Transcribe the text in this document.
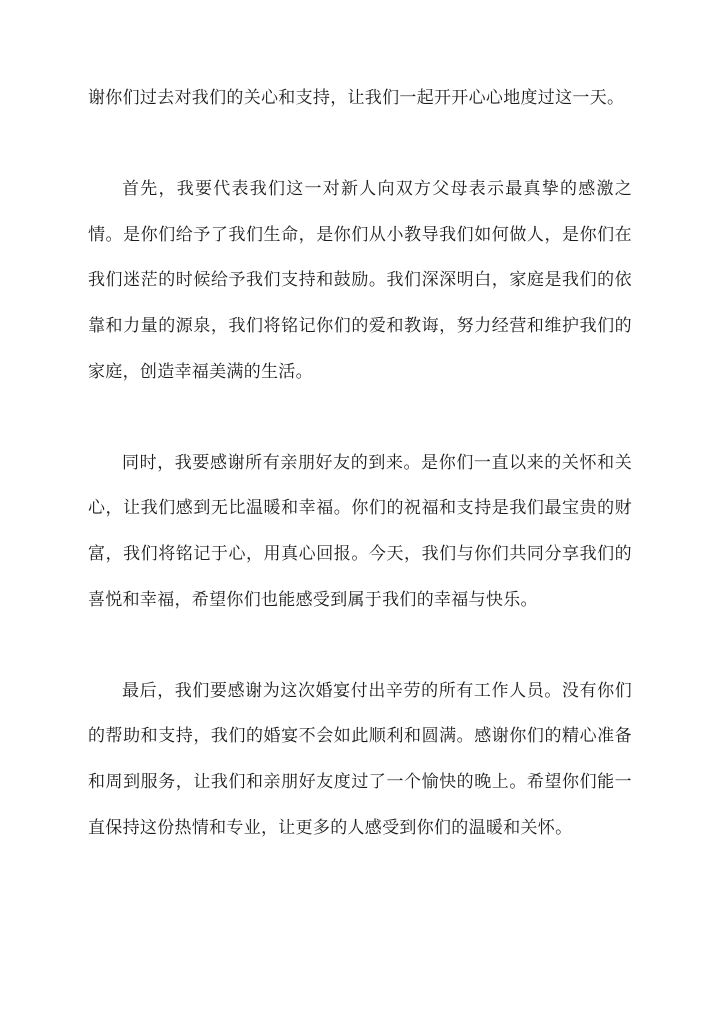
谢你们过去对我们的关心和支持，让我们一起开开心心地度过这一天。

首先，我要代表我们这一对新人向双方父母表示最真挚的感激之情。是你们给予了我们生命，是你们从小教导我们如何做人，是你们在我们迷茫的时候给予我们支持和鼓励。我们深深明白，家庭是我们的依靠和力量的源泉，我们将铭记你们的爱和教诲，努力经营和维护我们的家庭，创造幸福美满的生活。

同时，我要感谢所有亲朋好友的到来。是你们一直以来的关怀和关心，让我们感到无比温暖和幸福。你们的祝福和支持是我们最宝贵的财富，我们将铭记于心，用真心回报。今天，我们与你们共同分享我们的喜悦和幸福，希望你们也能感受到属于我们的幸福与快乐。

最后，我们要感谢为这次婚宴付出辛劳的所有工作人员。没有你们的帮助和支持，我们的婚宴不会如此顺利和圆满。感谢你们的精心准备和周到服务，让我们和亲朋好友度过了一个愉快的晚上。希望你们能一直保持这份热情和专业，让更多的人感受到你们的温暖和关怀。
